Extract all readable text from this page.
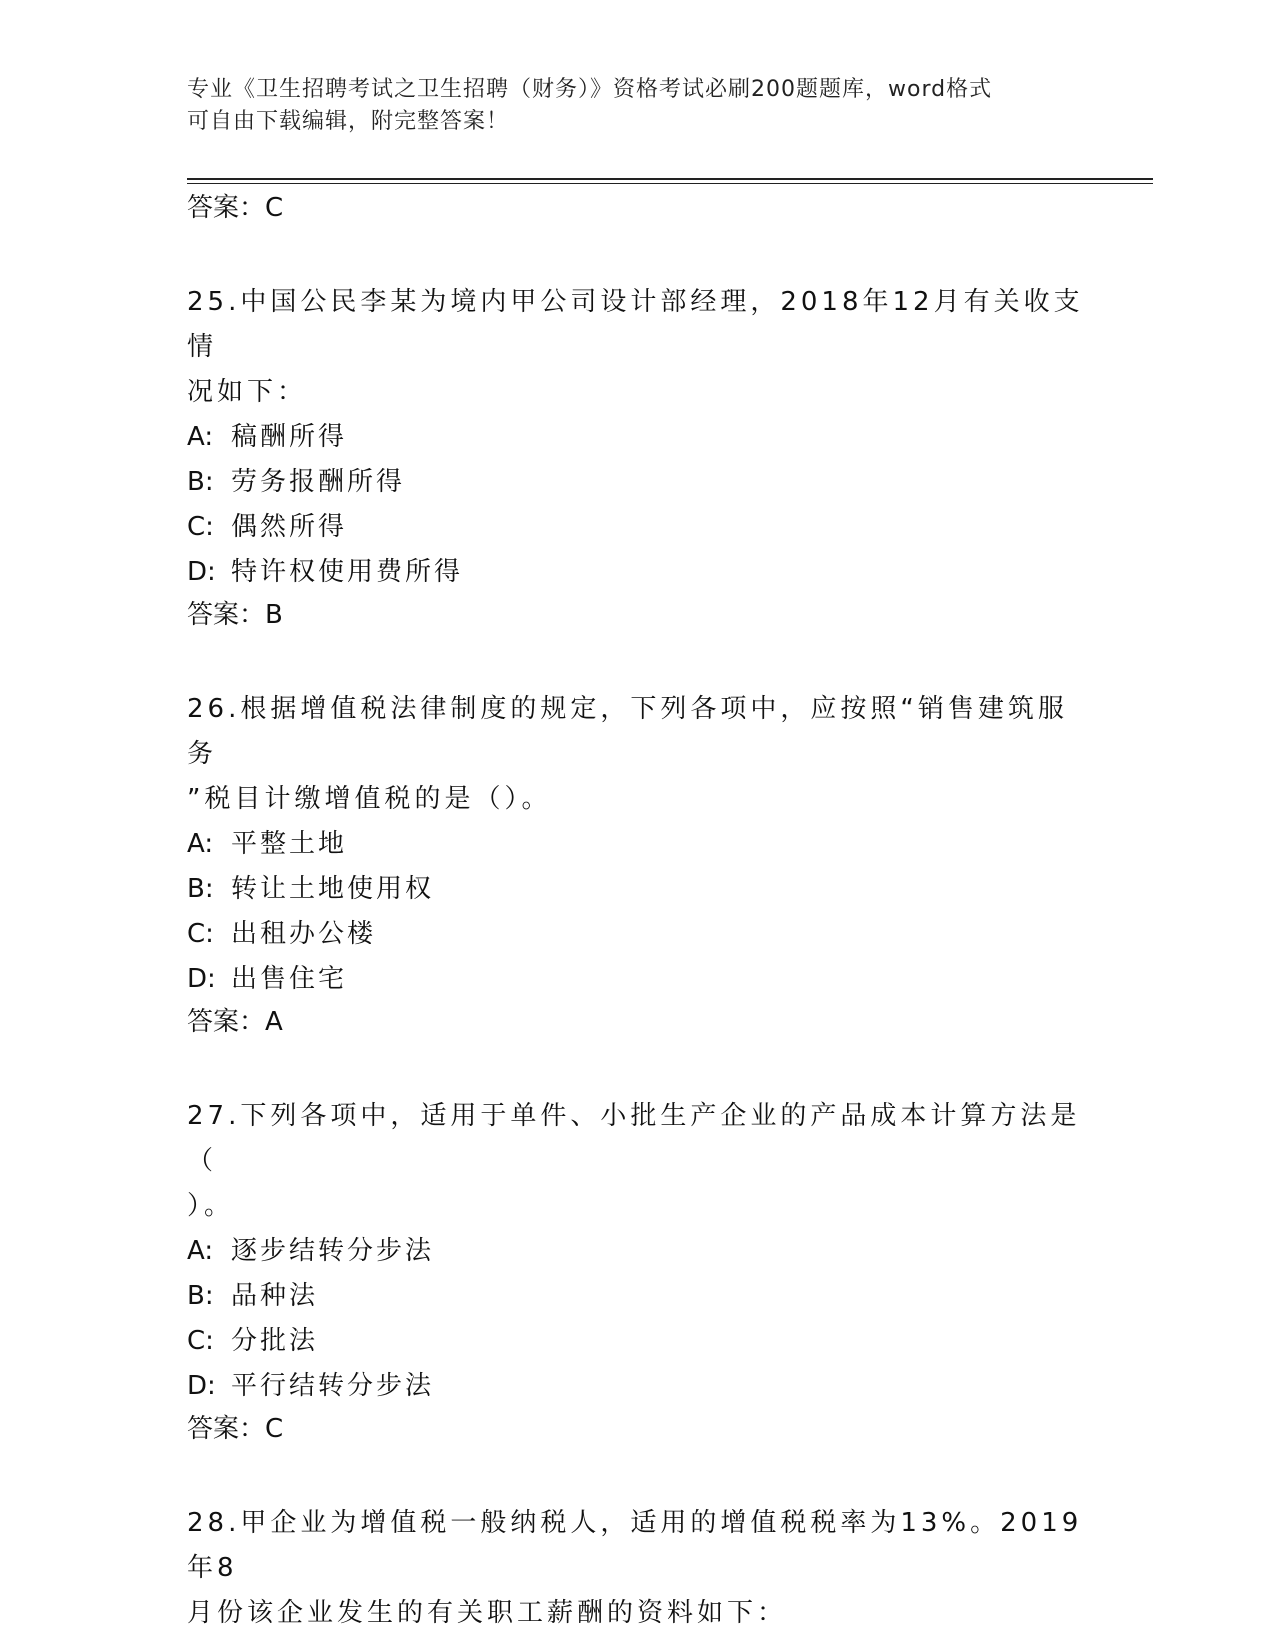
专业《卫生招聘考试之卫生招聘（财务）》资格考试必刷200题题库，word格式
可自由下载编辑，附完整答案！

答案：C

25.中国公民李某为境内甲公司设计部经理，2018年12月有关收支情
况如下：

A: 稿酬所得

B: 劳务报酬所得

C: 偶然所得

D: 特许权使用费所得

答案：B

26.根据增值税法律制度的规定，下列各项中，应按照“销售建筑服务
”税目计缴增值税的是（）。

A: 平整土地

B: 转让土地使用权

C: 出租办公楼

D: 出售住宅

答案：A

27.下列各项中，适用于单件、小批生产企业的产品成本计算方法是（
）。

A: 逐步结转分步法

B: 品种法

C: 分批法

D: 平行结转分步法

答案：C

28.甲企业为增值税一般纳税人，适用的增值税税率为13%。2019年8
月份该企业发生的有关职工薪酬的资料如下：
